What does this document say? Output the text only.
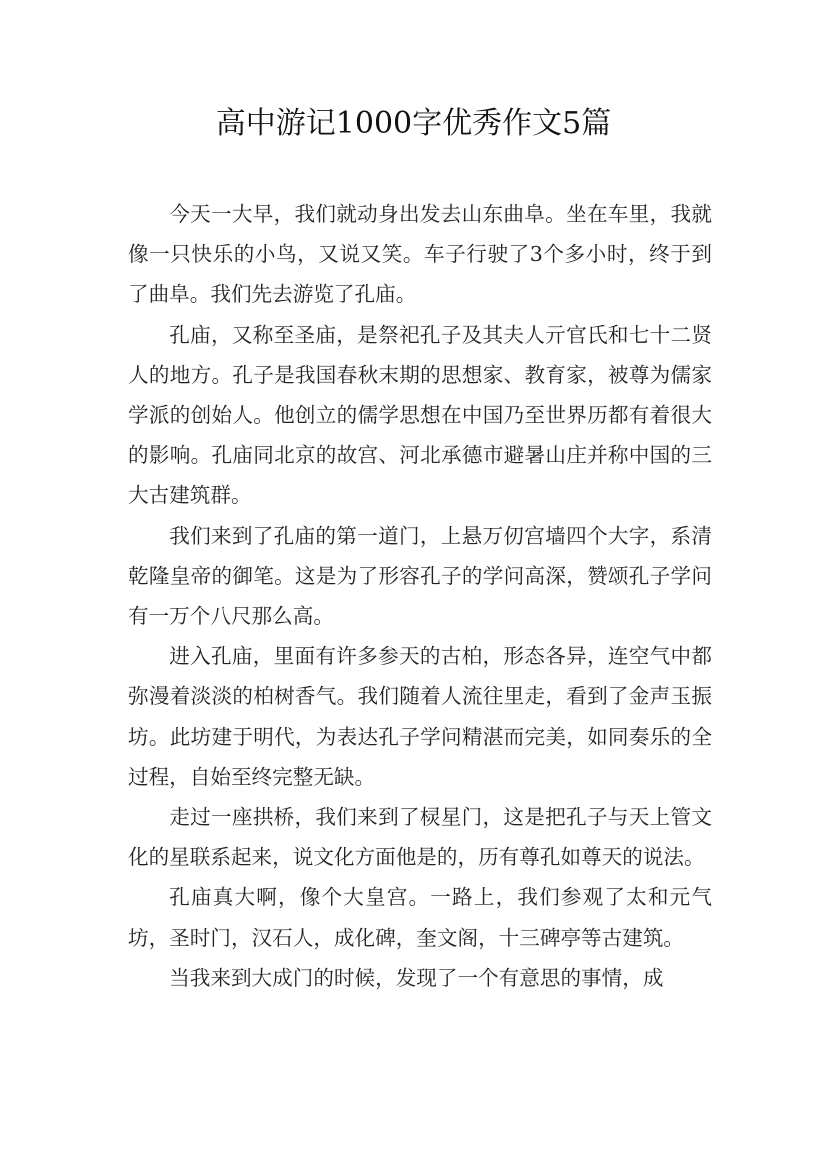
高中游记1000字优秀作文5篇

今天一大早，我们就动身出发去山东曲阜。坐在车里，我就像一只快乐的小鸟，又说又笑。车子行驶了3个多小时，终于到了曲阜。我们先去游览了孔庙。

孔庙，又称至圣庙，是祭祀孔子及其夫人亓官氏和七十二贤人的地方。孔子是我国春秋末期的思想家、教育家，被尊为儒家学派的创始人。他创立的儒学思想在中国乃至世界历都有着很大的影响。孔庙同北京的故宫、河北承德市避暑山庄并称中国的三大古建筑群。

我们来到了孔庙的第一道门，上悬万仞宫墙四个大字，系清乾隆皇帝的御笔。这是为了形容孔子的学问高深，赞颂孔子学问有一万个八尺那么高。

进入孔庙，里面有许多参天的古柏，形态各异，连空气中都弥漫着淡淡的柏树香气。我们随着人流往里走，看到了金声玉振坊。此坊建于明代，为表达孔子学问精湛而完美，如同奏乐的全过程，自始至终完整无缺。

走过一座拱桥，我们来到了棂星门，这是把孔子与天上管文化的星联系起来，说文化方面他是的，历有尊孔如尊天的说法。

孔庙真大啊，像个大皇宫。一路上，我们参观了太和元气坊，圣时门，汉石人，成化碑，奎文阁，十三碑亭等古建筑。

当我来到大成门的时候，发现了一个有意思的事情，成
